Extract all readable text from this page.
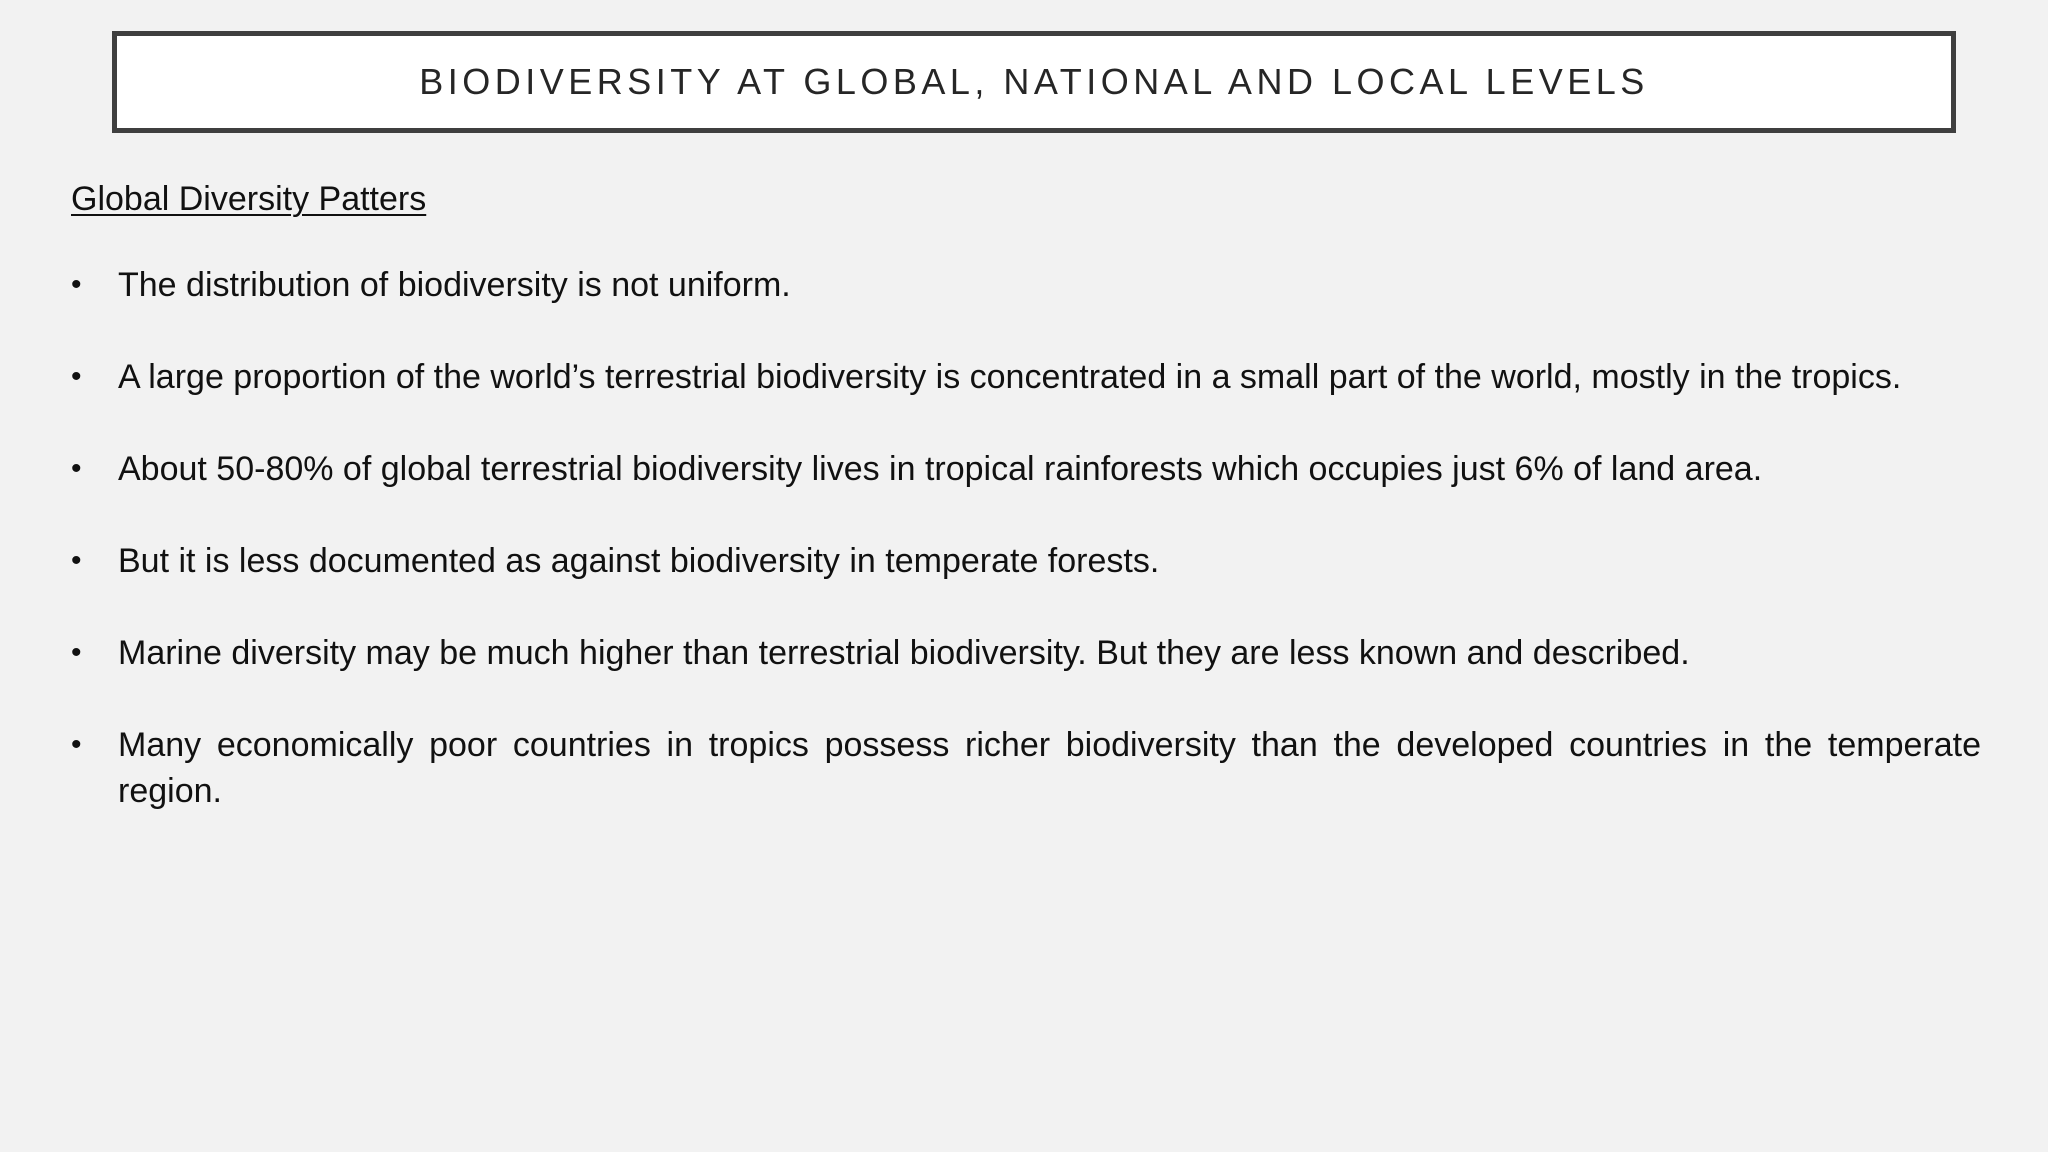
BIODIVERSITY AT GLOBAL, NATIONAL AND LOCAL LEVELS
Global Diversity Patters
• The distribution of biodiversity is not uniform.
• A large proportion of the world’s terrestrial biodiversity is concentrated in a small part of the world, mostly in the tropics.
• About 50-80% of global terrestrial biodiversity lives in tropical rainforests which occupies just 6% of land area.
• But it is less documented as against biodiversity in temperate forests.
• Marine diversity may be much higher than terrestrial biodiversity. But they are less known and described.
• Many economically poor countries in tropics possess richer biodiversity than the developed countries in the temperate region.
